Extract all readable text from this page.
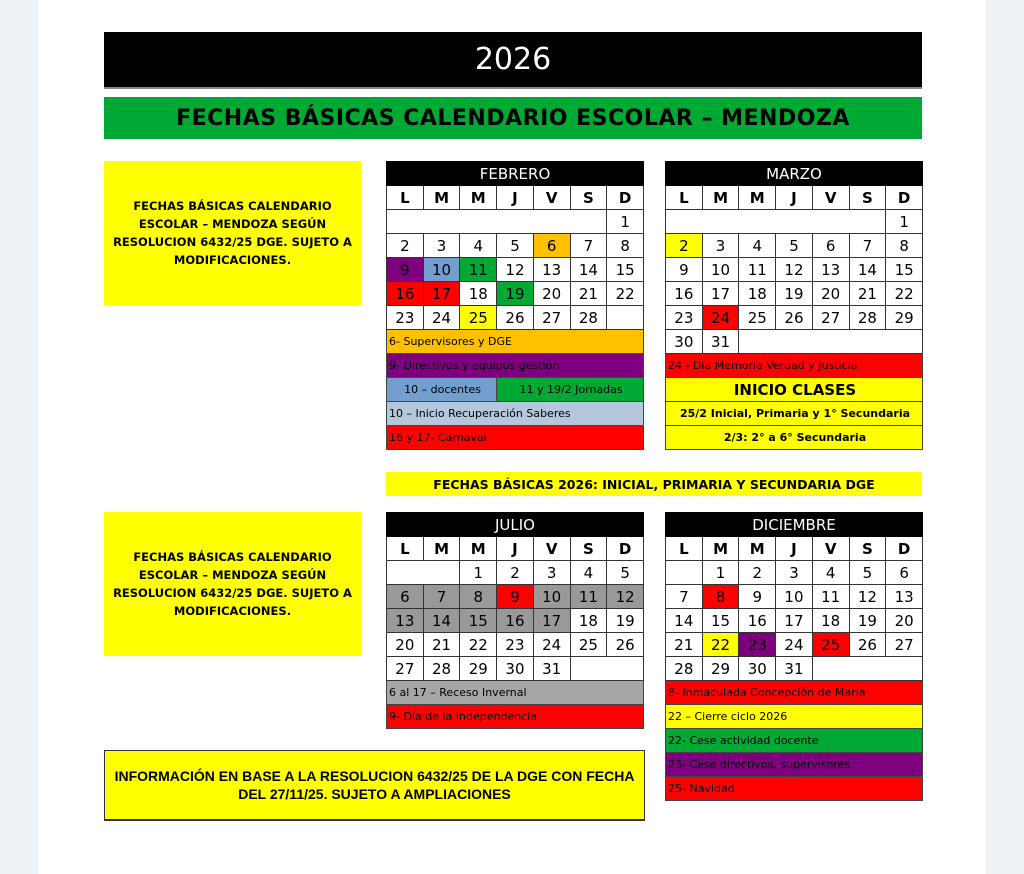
2026
FECHAS BÁSICAS CALENDARIO ESCOLAR – MENDOZA
FECHAS BÁSICAS CALENDARIO ESCOLAR – MENDOZA SEGÚN RESOLUCION 6432/25 DGE. SUJETO A MODIFICACIONES.
FECHAS BÁSICAS CALENDARIO ESCOLAR – MENDOZA SEGÚN RESOLUCION 6432/25 DGE. SUJETO A MODIFICACIONES.
FEBRERO						
L	M	M	J	V	S	D
						1
2	3	4	5	6	7	8
9	10	11	12	13	14	15
16	17	18	19	20	21	22
23	24	25	26	27	28	
6- Supervisores y DGE						
9- Directivos y equipos gestión						
10 – docentes			11 y 19/2 Jornadas			
10 – Inicio Recuperación Saberes						
16 y 17- Carnaval						
MARZO						
L	M	M	J	V	S	D
						1
2	3	4	5	6	7	8
9	10	11	12	13	14	15
16	17	18	19	20	21	22
23	24	25	26	27	28	29
30	31					
24 - Día Memoria Verdad y Justicia						
INICIO CLASES						
25/2 Inicial, Primaria y 1° Secundaria						
2/3: 2° a 6° Secundaria						
FECHAS BÁSICAS 2026: INICIAL, PRIMARIA Y SECUNDARIA DGE
JULIO						
L	M	M	J	V	S	D
		1	2	3	4	5
6	7	8	9	10	11	12
13	14	15	16	17	18	19
20	21	22	23	24	25	26
27	28	29	30	31		
6 al 17 – Receso Invernal						
9- Día de la Independencia						
DICIEMBRE						
L	M	M	J	V	S	D
	1	2	3	4	5	6
7	8	9	10	11	12	13
14	15	16	17	18	19	20
21	22	23	24	25	26	27
28	29	30	31			
8- Inmaculada Concepción de María						
22 – Cierre ciclo 2026						
22- Cese actividad docente						
23- Cese directivos, supervisores						
25- Navidad						
INFORMACIÓN EN BASE A LA RESOLUCION 6432/25 DE LA DGE CON FECHA DEL 27/11/25. SUJETO A AMPLIACIONES
